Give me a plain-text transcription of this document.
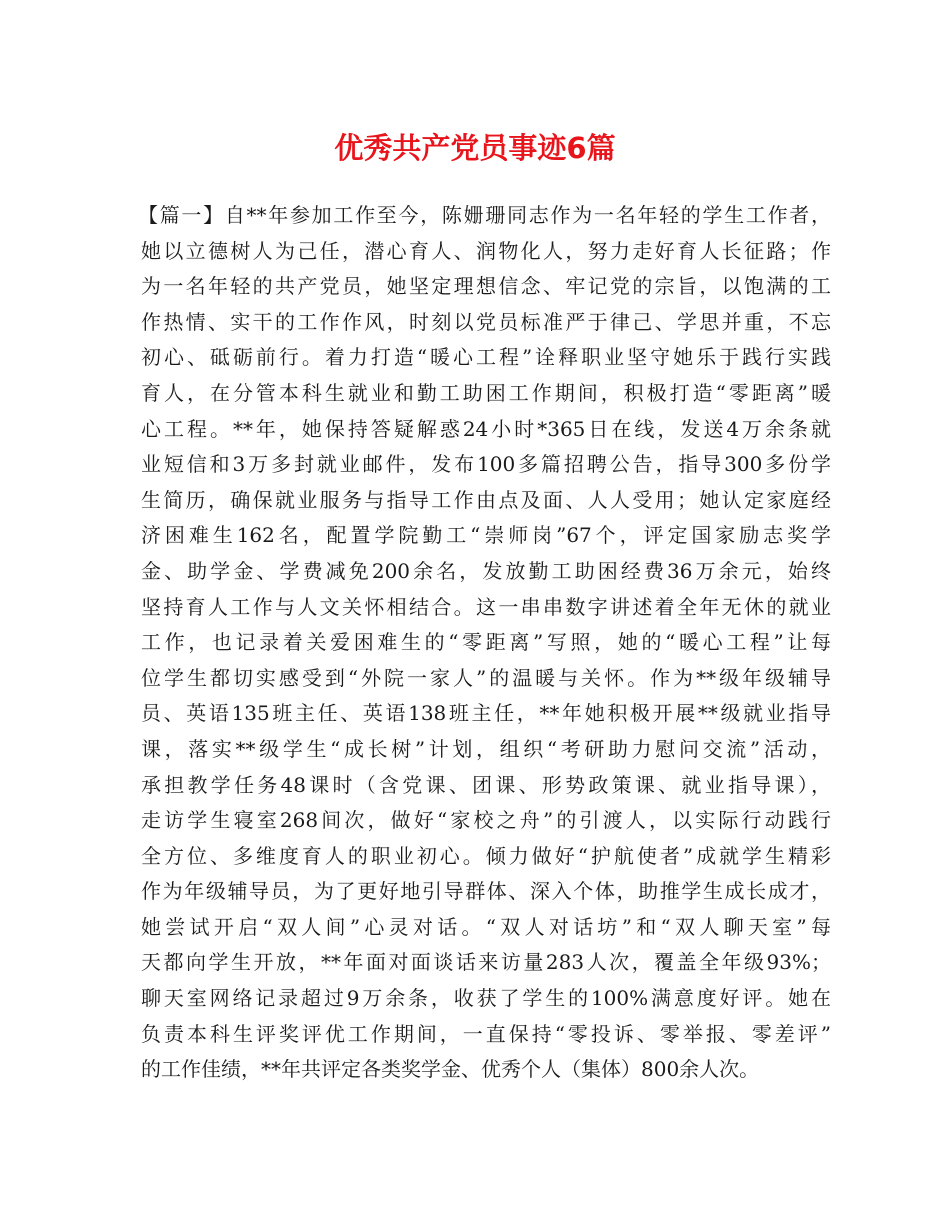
优秀共产党员事迹6篇
【篇一】自**年参加工作至今，陈姗珊同志作为一名年轻的学生工作者，
她以立德树人为己任，潜心育人、润物化人，努力走好育人长征路；作
为一名年轻的共产党员，她坚定理想信念、牢记党的宗旨，以饱满的工
作热情、实干的工作作风，时刻以党员标准严于律己、学思并重，不忘
初心、砥砺前行。着力打造“暖心工程”诠释职业坚守她乐于践行实践
育人，在分管本科生就业和勤工助困工作期间，积极打造“零距离”暖
心工程。**年，她保持答疑解惑24小时*365日在线，发送4万余条就
业短信和3万多封就业邮件，发布100多篇招聘公告，指导300多份学
生简历，确保就业服务与指导工作由点及面、人人受用；她认定家庭经
济困难生162名，配置学院勤工“崇师岗”67个，评定国家励志奖学
金、助学金、学费减免200余名，发放勤工助困经费36万余元，始终
坚持育人工作与人文关怀相结合。这一串串数字讲述着全年无休的就业
工作，也记录着关爱困难生的“零距离”写照，她的“暖心工程”让每
位学生都切实感受到“外院一家人”的温暖与关怀。作为**级年级辅导
员、英语135班主任、英语138班主任，**年她积极开展**级就业指导
课，落实**级学生“成长树”计划，组织“考研助力慰问交流”活动，
承担教学任务48课时（含党课、团课、形势政策课、就业指导课），
走访学生寝室268间次，做好“家校之舟”的引渡人，以实际行动践行
全方位、多维度育人的职业初心。倾力做好“护航使者”成就学生精彩
作为年级辅导员，为了更好地引导群体、深入个体，助推学生成长成才，
她尝试开启“双人间”心灵对话。“双人对话坊”和“双人聊天室”每
天都向学生开放，**年面对面谈话来访量283人次，覆盖全年级93%；
聊天室网络记录超过9万余条，收获了学生的100%满意度好评。她在
负责本科生评奖评优工作期间，一直保持“零投诉、零举报、零差评”
的工作佳绩，**年共评定各类奖学金、优秀个人（集体）800余人次。
